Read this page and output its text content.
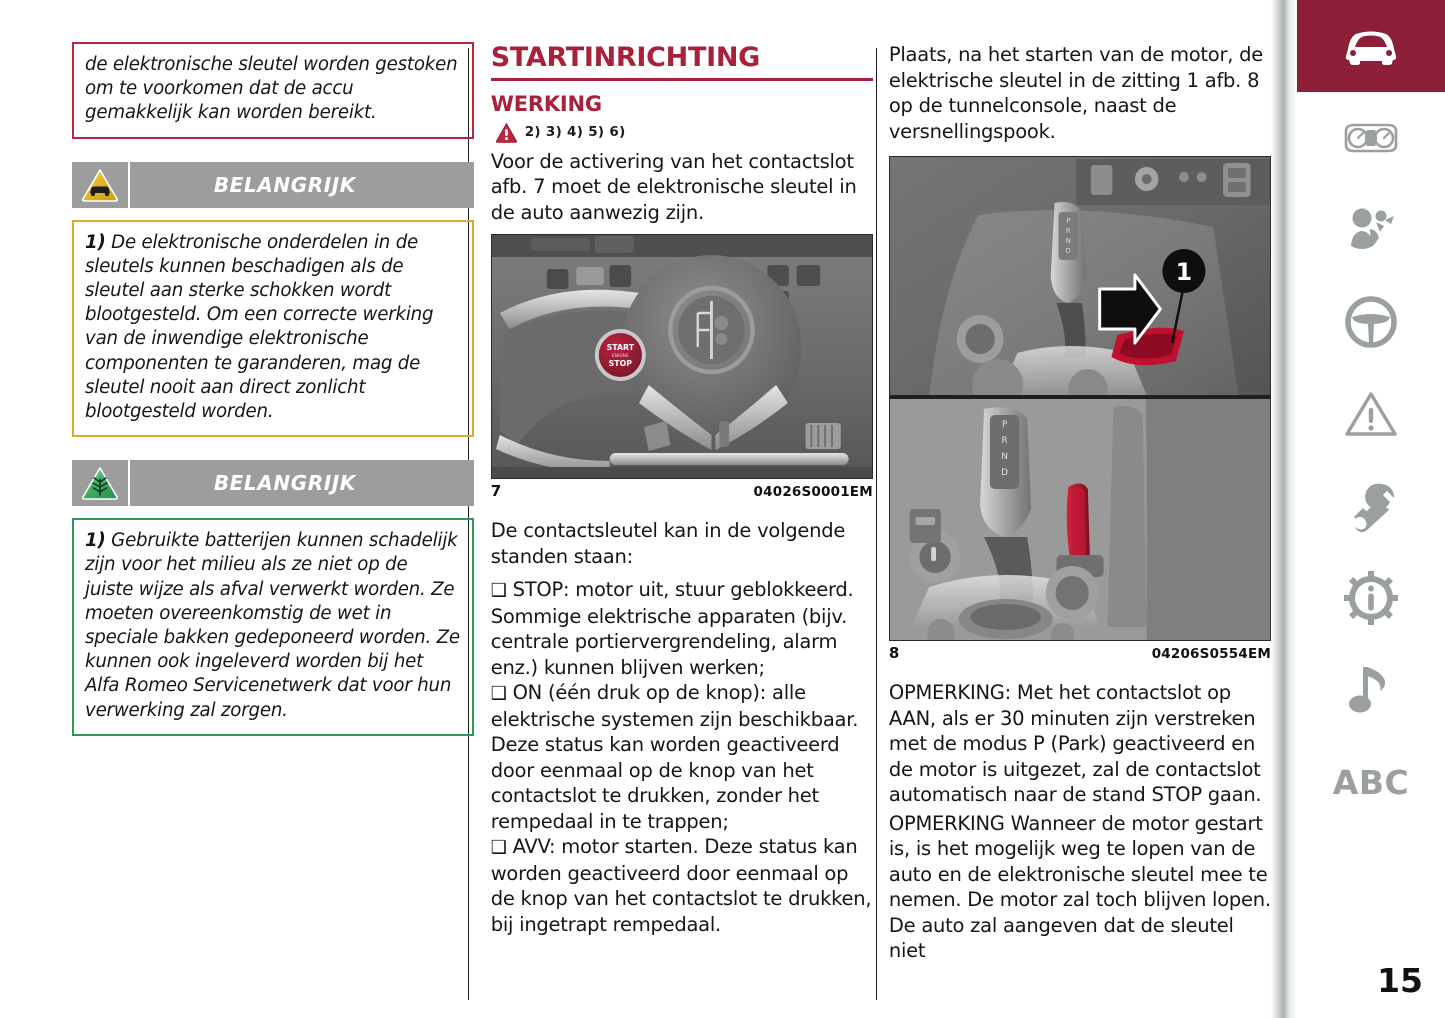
de elektronische sleutel worden gestoken om te voorkomen dat de accu gemakkelijk kan worden bereikt.
BELANGRIJK
1) De elektronische onderdelen in de sleutels kunnen beschadigen als de sleutel aan sterke schokken wordt blootgesteld. Om een correcte werking van de inwendige elektronische componenten te garanderen, mag de sleutel nooit aan direct zonlicht blootgesteld worden.
BELANGRIJK
1) Gebruikte batterijen kunnen schadelijk zijn voor het milieu als ze niet op de juiste wijze als afval verwerkt worden. Ze moeten overeenkomstig de wet in speciale bakken gedeponeerd worden. Ze kunnen ook ingeleverd worden bij het Alfa Romeo Servicenetwerk dat voor hun verwerking zal zorgen.
STARTINRICHTING
WERKING
2) 3) 4) 5) 6)

Voor de activering van het contactslot afb. 7 moet de elektronische sleutel in de auto aanwezig zijn.

START
ENGINE
STOP
7	04026S0001EM

De contactsleutel kan in de volgende standen staan:

❑ STOP: motor uit, stuur geblokkeerd. Sommige elektrische apparaten (bijv. centrale portiervergrendeling, alarm enz.) kunnen blijven werken;

❑ ON (één druk op de knop): alle elektrische systemen zijn beschikbaar. Deze status kan worden geactiveerd door eenmaal op de knop van het contactslot te drukken, zonder het rempedaal in te trappen;

❑ AVV: motor starten. Deze status kan worden geactiveerd door eenmaal op de knop van het contactslot te drukken, bij ingetrapt rempedaal.

Plaats, na het starten van de motor, de elektrische sleutel in de zitting 1 afb. 8 op de tunnelconsole, naast de versnellingspook.

P
R
N
D
1
P
R
N
D
8	04206S0554EM

OPMERKING: Met het contactslot op AAN, als er 30 minuten zijn verstreken met de modus P (Park) geactiveerd en de motor is uitgezet, zal de contactslot automatisch naar de stand STOP gaan.

OPMERKING Wanneer de motor gestart is, is het mogelijk weg te lopen van de auto en de elektronische sleutel mee te nemen. De motor zal toch blijven lopen. De auto zal aangeven dat de sleutel niet

ABC
15
